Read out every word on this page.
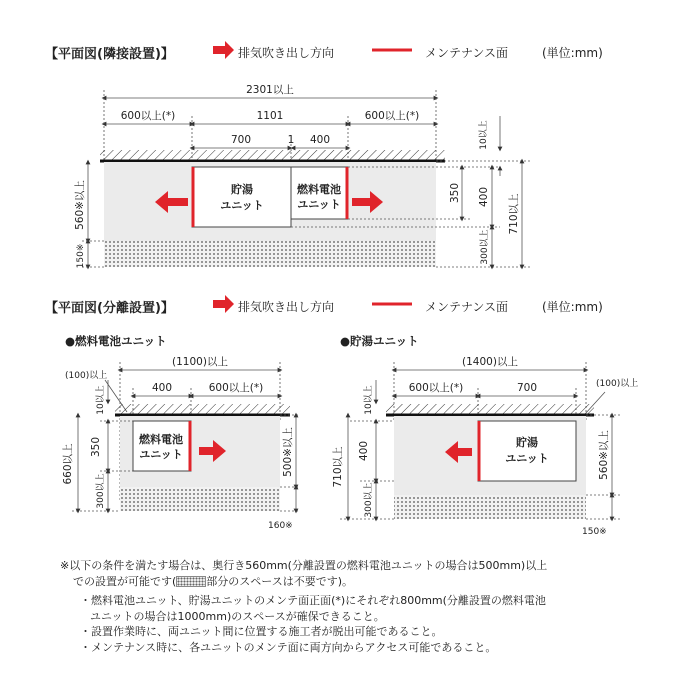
【平面図(隣接設置)】	排気吹き出し方向	メンテナンス面	(単位:mm)
2301以上
600以上(*)	1101	600以上(*)
700	1 400
貯湯
ユニット
燃料電池
ユニット
560※以上
150※
10以上
350 400
300以上
710以上
【平面図(分離設置)】	排気吹き出し方向	メンテナンス面	(単位:mm)
●燃料電池ユニット
(1100)以上
(100)以上
400	600以上(*)
燃料電池
ユニット
10以上
350
300以上
660以上	500※以上
160※
●貯湯ユニット
(1400)以上
600以上(*)	700	(100)以上
貯湯
ユニット
10以上
400
300以上
710以上	560※以上
150※
※以下の条件を満たす場合は、奥行き560mm(分離設置の燃料電池ユニットの場合は500mm)以上
での設置が可能です(	部分のスペースは不要です)。
・燃料電池ユニット、貯湯ユニットのメンテ面正面(*)にそれぞれ800mm(分離設置の燃料電池
ユニットの場合は1000mm)のスペースが確保できること。
・設置作業時に、両ユニット間に位置する施工者が脱出可能であること。
・メンテナンス時に、各ユニットのメンテ面に両方向からアクセス可能であること。
